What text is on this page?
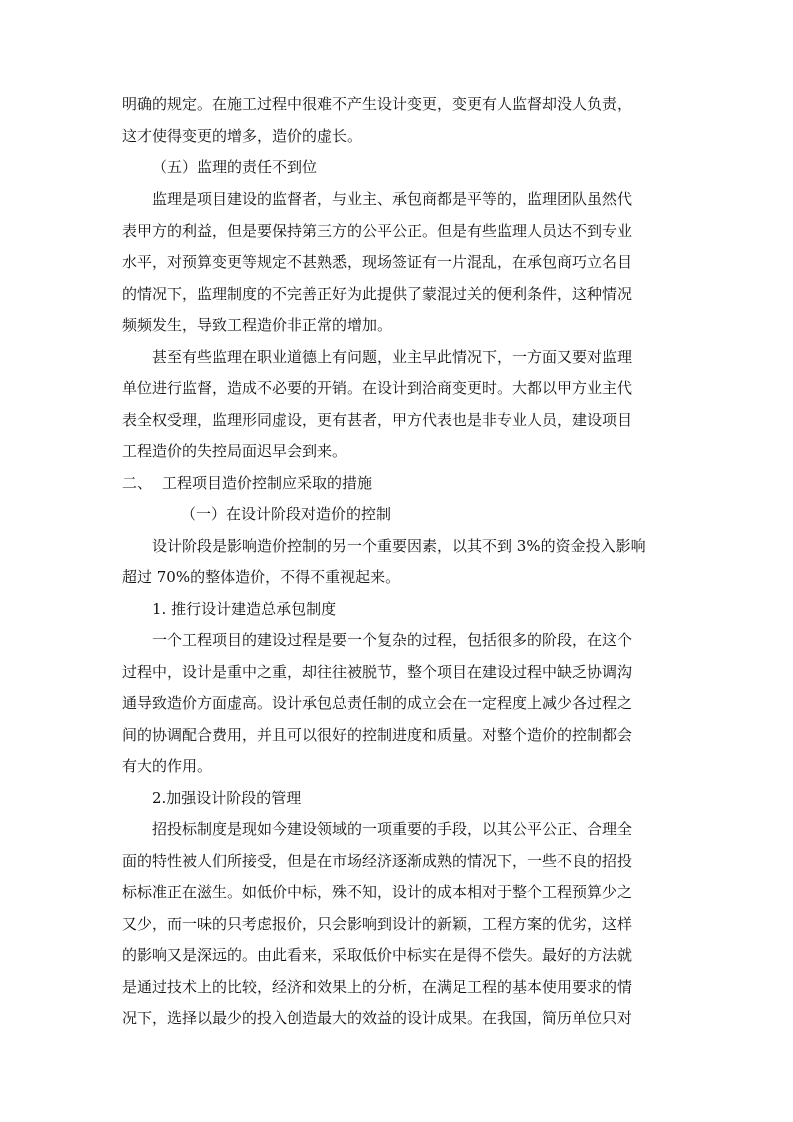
明确的规定。在施工过程中很难不产生设计变更，变更有人监督却没人负责，
这才使得变更的增多，造价的虚长。
（五）监理的责任不到位
监理是项目建设的监督者，与业主、承包商都是平等的，监理团队虽然代
表甲方的利益，但是要保持第三方的公平公正。但是有些监理人员达不到专业
水平，对预算变更等规定不甚熟悉，现场签证有一片混乱，在承包商巧立名目
的情况下，监理制度的不完善正好为此提供了蒙混过关的便利条件，这种情况
频频发生，导致工程造价非正常的增加。
甚至有些监理在职业道德上有问题，业主早此情况下，一方面又要对监理
单位进行监督，造成不必要的开销。在设计到洽商变更时。大都以甲方业主代
表全权受理，监理形同虚设，更有甚者，甲方代表也是非专业人员，建设项目
工程造价的失控局面迟早会到来。
二、 工程项目造价控制应采取的措施
（一）在设计阶段对造价的控制
设计阶段是影响造价控制的另一个重要因素，以其不到 3%的资金投入影响
超过 70%的整体造价，不得不重视起来。
1. 推行设计建造总承包制度
一个工程项目的建设过程是要一个复杂的过程，包括很多的阶段，在这个
过程中，设计是重中之重，却往往被脱节，整个项目在建设过程中缺乏协调沟
通导致造价方面虚高。设计承包总责任制的成立会在一定程度上减少各过程之
间的协调配合费用，并且可以很好的控制进度和质量。对整个造价的控制都会
有大的作用。
2.加强设计阶段的管理
招投标制度是现如今建设领域的一项重要的手段，以其公平公正、合理全
面的特性被人们所接受，但是在市场经济逐渐成熟的情况下，一些不良的招投
标标准正在滋生。如低价中标，殊不知，设计的成本相对于整个工程预算少之
又少，而一味的只考虑报价，只会影响到设计的新颖，工程方案的优劣，这样
的影响又是深远的。由此看来，采取低价中标实在是得不偿失。最好的方法就
是通过技术上的比较，经济和效果上的分析，在满足工程的基本使用要求的情
况下，选择以最少的投入创造最大的效益的设计成果。在我国，简历单位只对
